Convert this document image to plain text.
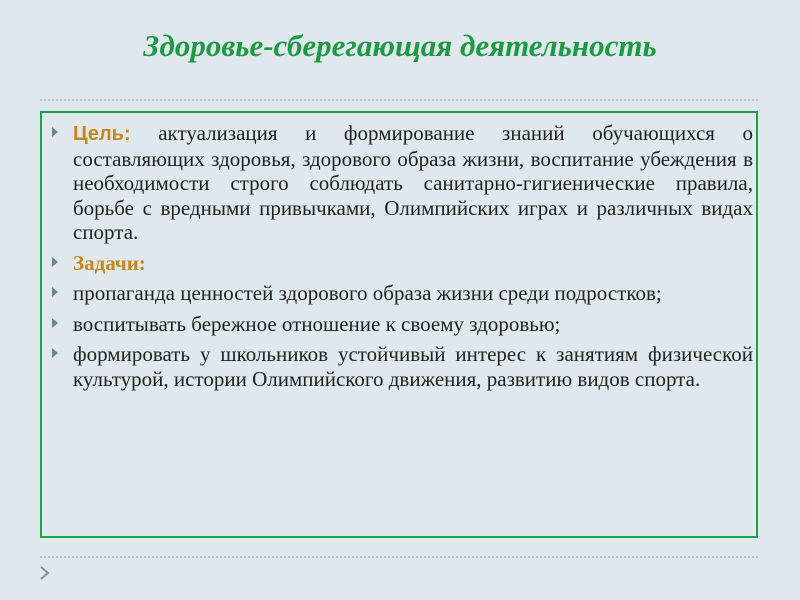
Здоровье-сберегающая деятельность
Цель: актуализация и формирование знаний обучающихся о составляющих здоровья, здорового образа жизни, воспитание убеждения в необходимости строго соблюдать санитарно-гигиенические правила, борьбе с вредными привычками, Олимпийских играх и различных видах спорта.
Задачи:
пропаганда ценностей здорового образа жизни среди подростков;
воспитывать бережное отношение к своему здоровью;
формировать у школьников устойчивый интерес к занятиям физической культурой, истории Олимпийского движения, развитию видов спорта.
